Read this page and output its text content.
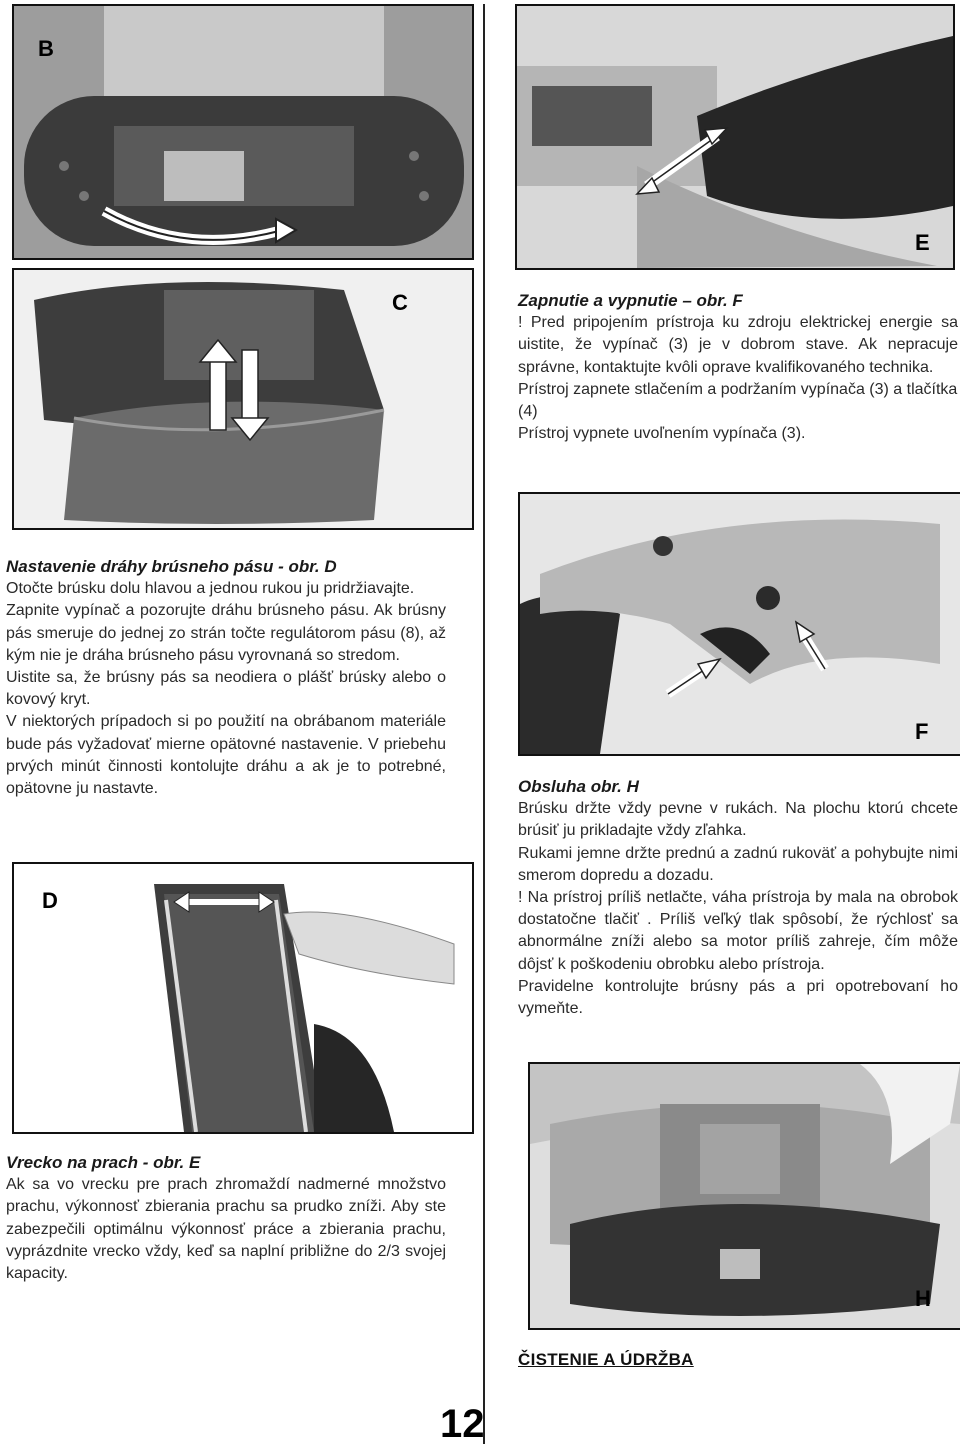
B
E
C
F
D
H

Zapnutie a vypnutie – obr. F

! Pred pripojením prístroja ku zdroju elektrickej energie sa uistite, že vypínač (3) je v dobrom stave. Ak nepracuje správne, kontaktujte kvôli oprave kvalifikovaného technika.

Prístroj zapnete stlačením a podržaním vypínača (3) a tlačítka (4)

Prístroj vypnete uvoľnením vypínača (3).

Nastavenie dráhy brúsneho pásu - obr. D

Otočte brúsku dolu hlavou a jednou rukou ju pridržiavajte.

Zapnite vypínač a pozorujte dráhu brúsneho pásu. Ak brúsny pás smeruje do jednej zo strán točte regulátorom pásu (8), až kým nie je dráha brúsneho pásu vyrovnaná so stredom.

Uistite sa, že brúsny pás sa neodiera o plášť brúsky alebo o kovový kryt.

V niektorých prípadoch si po použití na obrábanom materiále bude pás vyžadovať mierne opätovné nastavenie. V priebehu prvých minút činnosti kontolujte dráhu a ak je to potrebné, opätovne ju nastavte.	Obsluha obr. H

Brúsku držte vždy pevne v rukách. Na plochu ktorú chcete brúsiť ju prikladajte vždy zľahka.

Rukami jemne držte prednú a zadnú rukoväť a pohybujte nimi smerom dopredu a dozadu.

! Na prístroj príliš netlačte, váha prístroja by mala na obrobok dostatočne tlačiť . Príliš veľký tlak spôsobí, že rýchlosť sa abnormálne zníži alebo sa motor príliš zahreje, čím môže dôjsť k poškodeniu obrobku alebo prístroja.

Pravidelne kontrolujte brúsny pás a pri opotrebovaní ho vymeňte.

Vrecko na prach - obr. E

Ak sa vo vrecku pre prach zhromaždí nadmerné množstvo prachu, výkonnosť zbierania prachu sa prudko zníži. Aby ste zabezpečili optimálnu výkonnosť práce a zbierania prachu, vyprázdnite vrecko vždy, keď sa naplní približne do 2/3 svojej kapacity.

ČISTENIE A ÚDRŽBA
12
